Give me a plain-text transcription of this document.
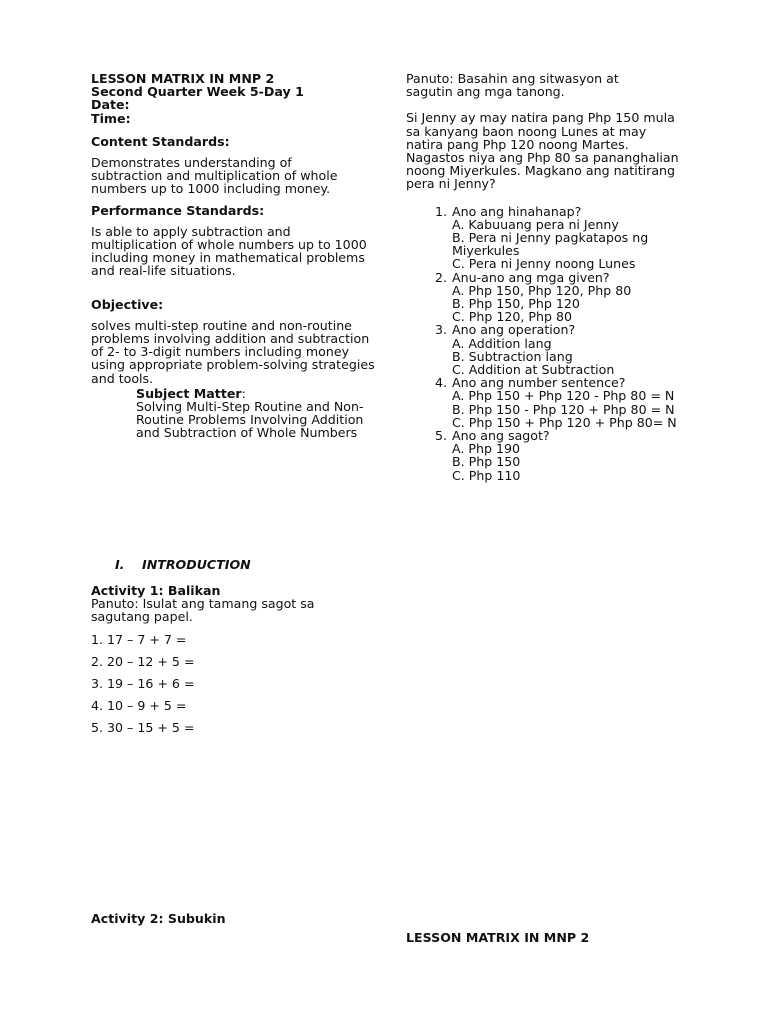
LESSON MATRIX IN MNP 2
Second Quarter Week 5-Day 1
Date:
Time:
Content Standards:
Demonstrates understanding of subtraction and multiplication of whole numbers up to 1000 including money.
Performance Standards:
Is able to apply subtraction and multiplication of whole numbers up to 1000 including money in mathematical problems and real-life situations.
Objective:
solves multi-step routine and non-routine problems involving addition and subtraction of 2- to 3-digit numbers including money using appropriate problem-solving strategies and tools.
Subject Matter:
Solving Multi-Step Routine and Non-Routine Problems Involving Addition and Subtraction of Whole Numbers
I. INTRODUCTION
Activity 1: Balikan
Panuto: Isulat ang tamang sagot sa sagutang papel.
1. 17 – 7 + 7 =
2. 20 – 12 + 5 =
3. 19 – 16 + 6 =
4. 10 – 9 + 5 =
5. 30 – 15 + 5 =
Activity 2: Subukin
Panuto: Basahin ang sitwasyon at sagutin ang mga tanong.
Si Jenny ay may natira pang Php 150 mula sa kanyang baon noong Lunes at may natira pang Php 120 noong Martes. Nagastos niya ang Php 80 sa pananghalian noong Miyerkules. Magkano ang natitirang pera ni Jenny?
1. Ano ang hinahanap?
A. Kabuuang pera ni Jenny
B. Pera ni Jenny pagkatapos ng Miyerkules
C. Pera ni Jenny noong Lunes
2. Anu-ano ang mga given?
A. Php 150, Php 120, Php 80
B. Php 150, Php 120
C. Php 120, Php 80
3. Ano ang operation?
A. Addition lang
B. Subtraction lang
C. Addition at Subtraction
4. Ano ang number sentence?
A. Php 150 + Php 120 - Php 80 = N
B. Php 150 - Php 120 + Php 80 = N
C. Php 150 + Php 120 + Php 80= N
5. Ano ang sagot?
A. Php 190
B. Php 150
C. Php 110
LESSON MATRIX IN MNP 2
